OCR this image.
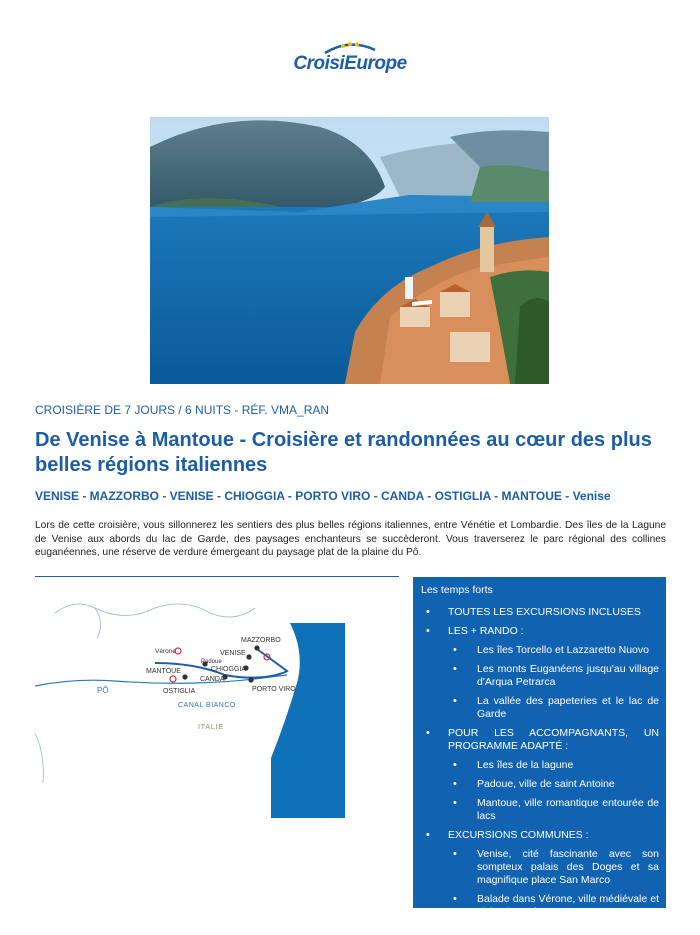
CroisiEurope
CROISIÈRE DE 7 JOURS / 6 NUITS - RÉF. VMA_RAN
De Venise à Mantoue - Croisière et randonnées au cœur des plus belles régions italiennes
VENISE - MAZZORBO - VENISE - CHIOGGIA - PORTO VIRO - CANDA - OSTIGLIA - MANTOUE - Venise

Lors de cette croisière, vous sillonnerez les sentiers des plus belles régions italiennes, entre Vénétie et Lombardie. Des îles de la Lagune de Venise aux abords du lac de Garde, des paysages enchanteurs se succèderont. Vous traverserez le parc régional des collines euganéennes, une réserve de verdure émergeant du paysage plat de la plaine du Pô.

MAZZORBO
VENISE
Vérone
Padoue
CHIOGGIA
MANTOUE
CANDA
OSTIGLIA	PORTO VIRO
PÔ
CANAL BIANCO
ITALIE
Les temps forts
• TOUTES LES EXCURSIONS INCLUSES
• LES + RANDO :
• Les îles Torcello et Lazzaretto Nuovo
• Les monts Euganéens jusqu'au village d'Arqua Petrarca
• La vallée des papeteries et le lac de Garde
• POUR LES ACCOMPAGNANTS, UN PROGRAMME ADAPTÉ :
• Les îles de la lagune
• Padoue, ville de saint Antoine
• Mantoue, ville romantique entourée de lacs
• EXCURSIONS COMMUNES :
• Venise, cité fascinante avec son sompteux palais des Doges et sa magnifique place San Marco
• Balade dans Vérone, ville médiévale et visite des arènes
